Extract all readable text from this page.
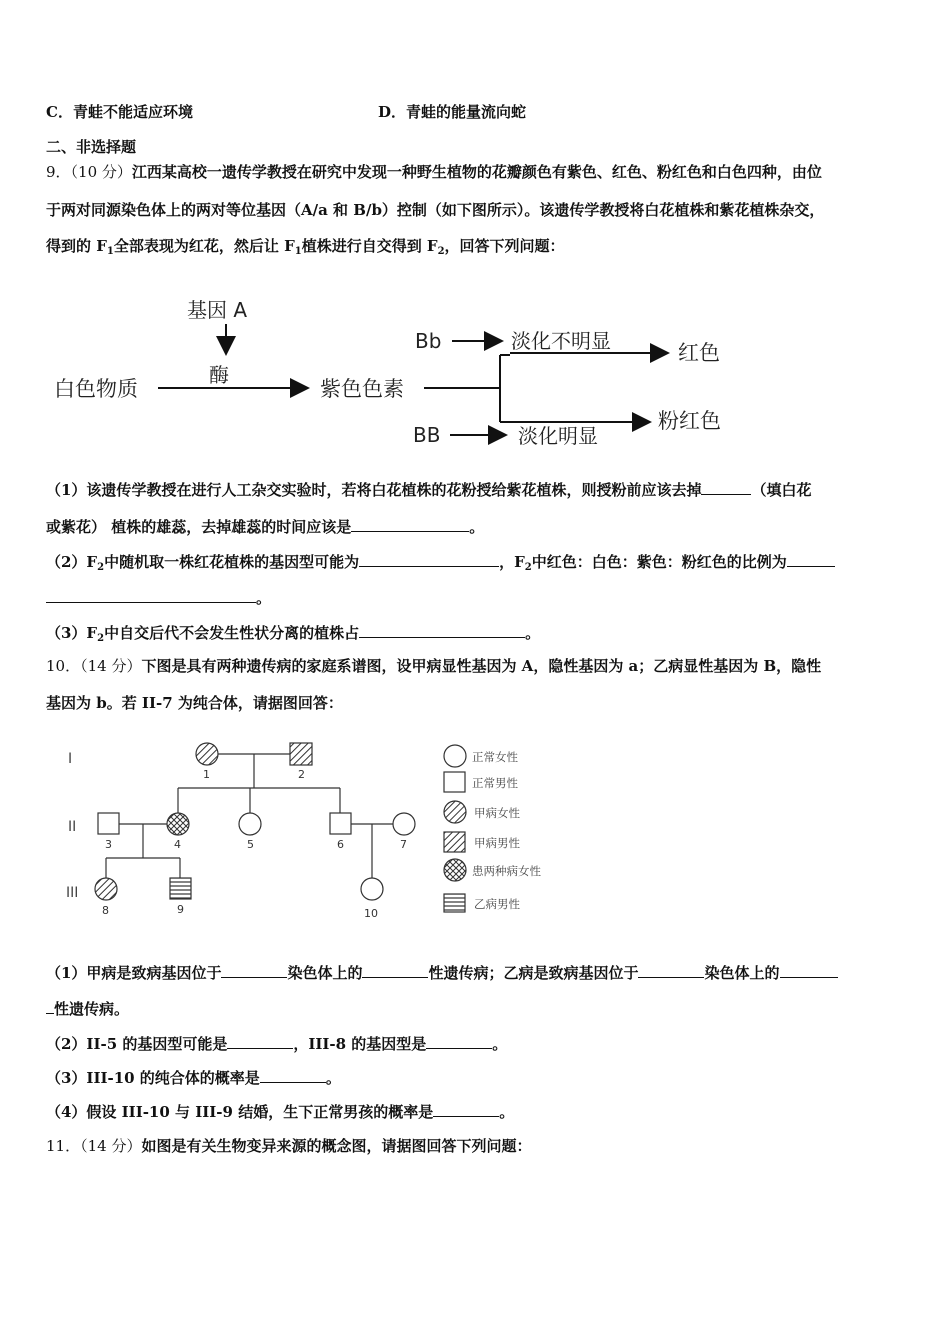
C．青蛙不能适应环境	D．青蛙的能量流向蛇
二、非选择题
9．（10 分）江西某高校一遗传学教授在研究中发现一种野生植物的花瓣颜色有紫色、红色、粉红色和白色四种，由位
于两对同源染色体上的两对等位基因（A/a 和 B/b）控制（如下图所示）。该遗传学教授将白花植株和紫花植株杂交，
得到的 $F_1$全部表现为红花，然后让 $F_1$植株进行自交得到 $F_2$，回答下列问题：
基因 A
酶
白色物质	紫色色素
Bb	淡化不明显	红色
粉红色
BB	淡化明显
（1）该遗传学教授在进行人工杂交实验时，若将白花植株的花粉授给紫花植株，则授粉前应该去掉	（填白花
或紫花） 植株的雄蕊，去掉雄蕊的时间应该是	。
$(2)F_2$中随机取一株红花植株的基因型可能为	，$F_2$中红色：白色：紫色：粉红色的比例为
。
$(3)F_2$中自交后代不会发生性状分离的植株占	。
10．（14 分）下图是具有两种遗传病的家庭系谱图，设甲病显性基因为 A，隐性基因为 a；乙病显性基因为 B，隐性
基因为 b。若 II-7 为纯合体，请据图回答：
I
II
III
1	2
3	4	5	6	7
8	9	10
正常女性
正常男性
甲病女性
甲病男性
患两种病女性
乙病男性
（1）甲病是致病基因位于	染色体上的	性遗传病；乙病是致病基因位于	染色体上的
性遗传病。
（2）II-5 的基因型可能是	，III-8 的基因型是	。
（3）III-10 的纯合体的概率是	。
（4）假设 III-10 与 III-9 结婚，生下正常男孩的概率是	。
11．（14 分）如图是有关生物变异来源的概念图，请据图回答下列问题：
